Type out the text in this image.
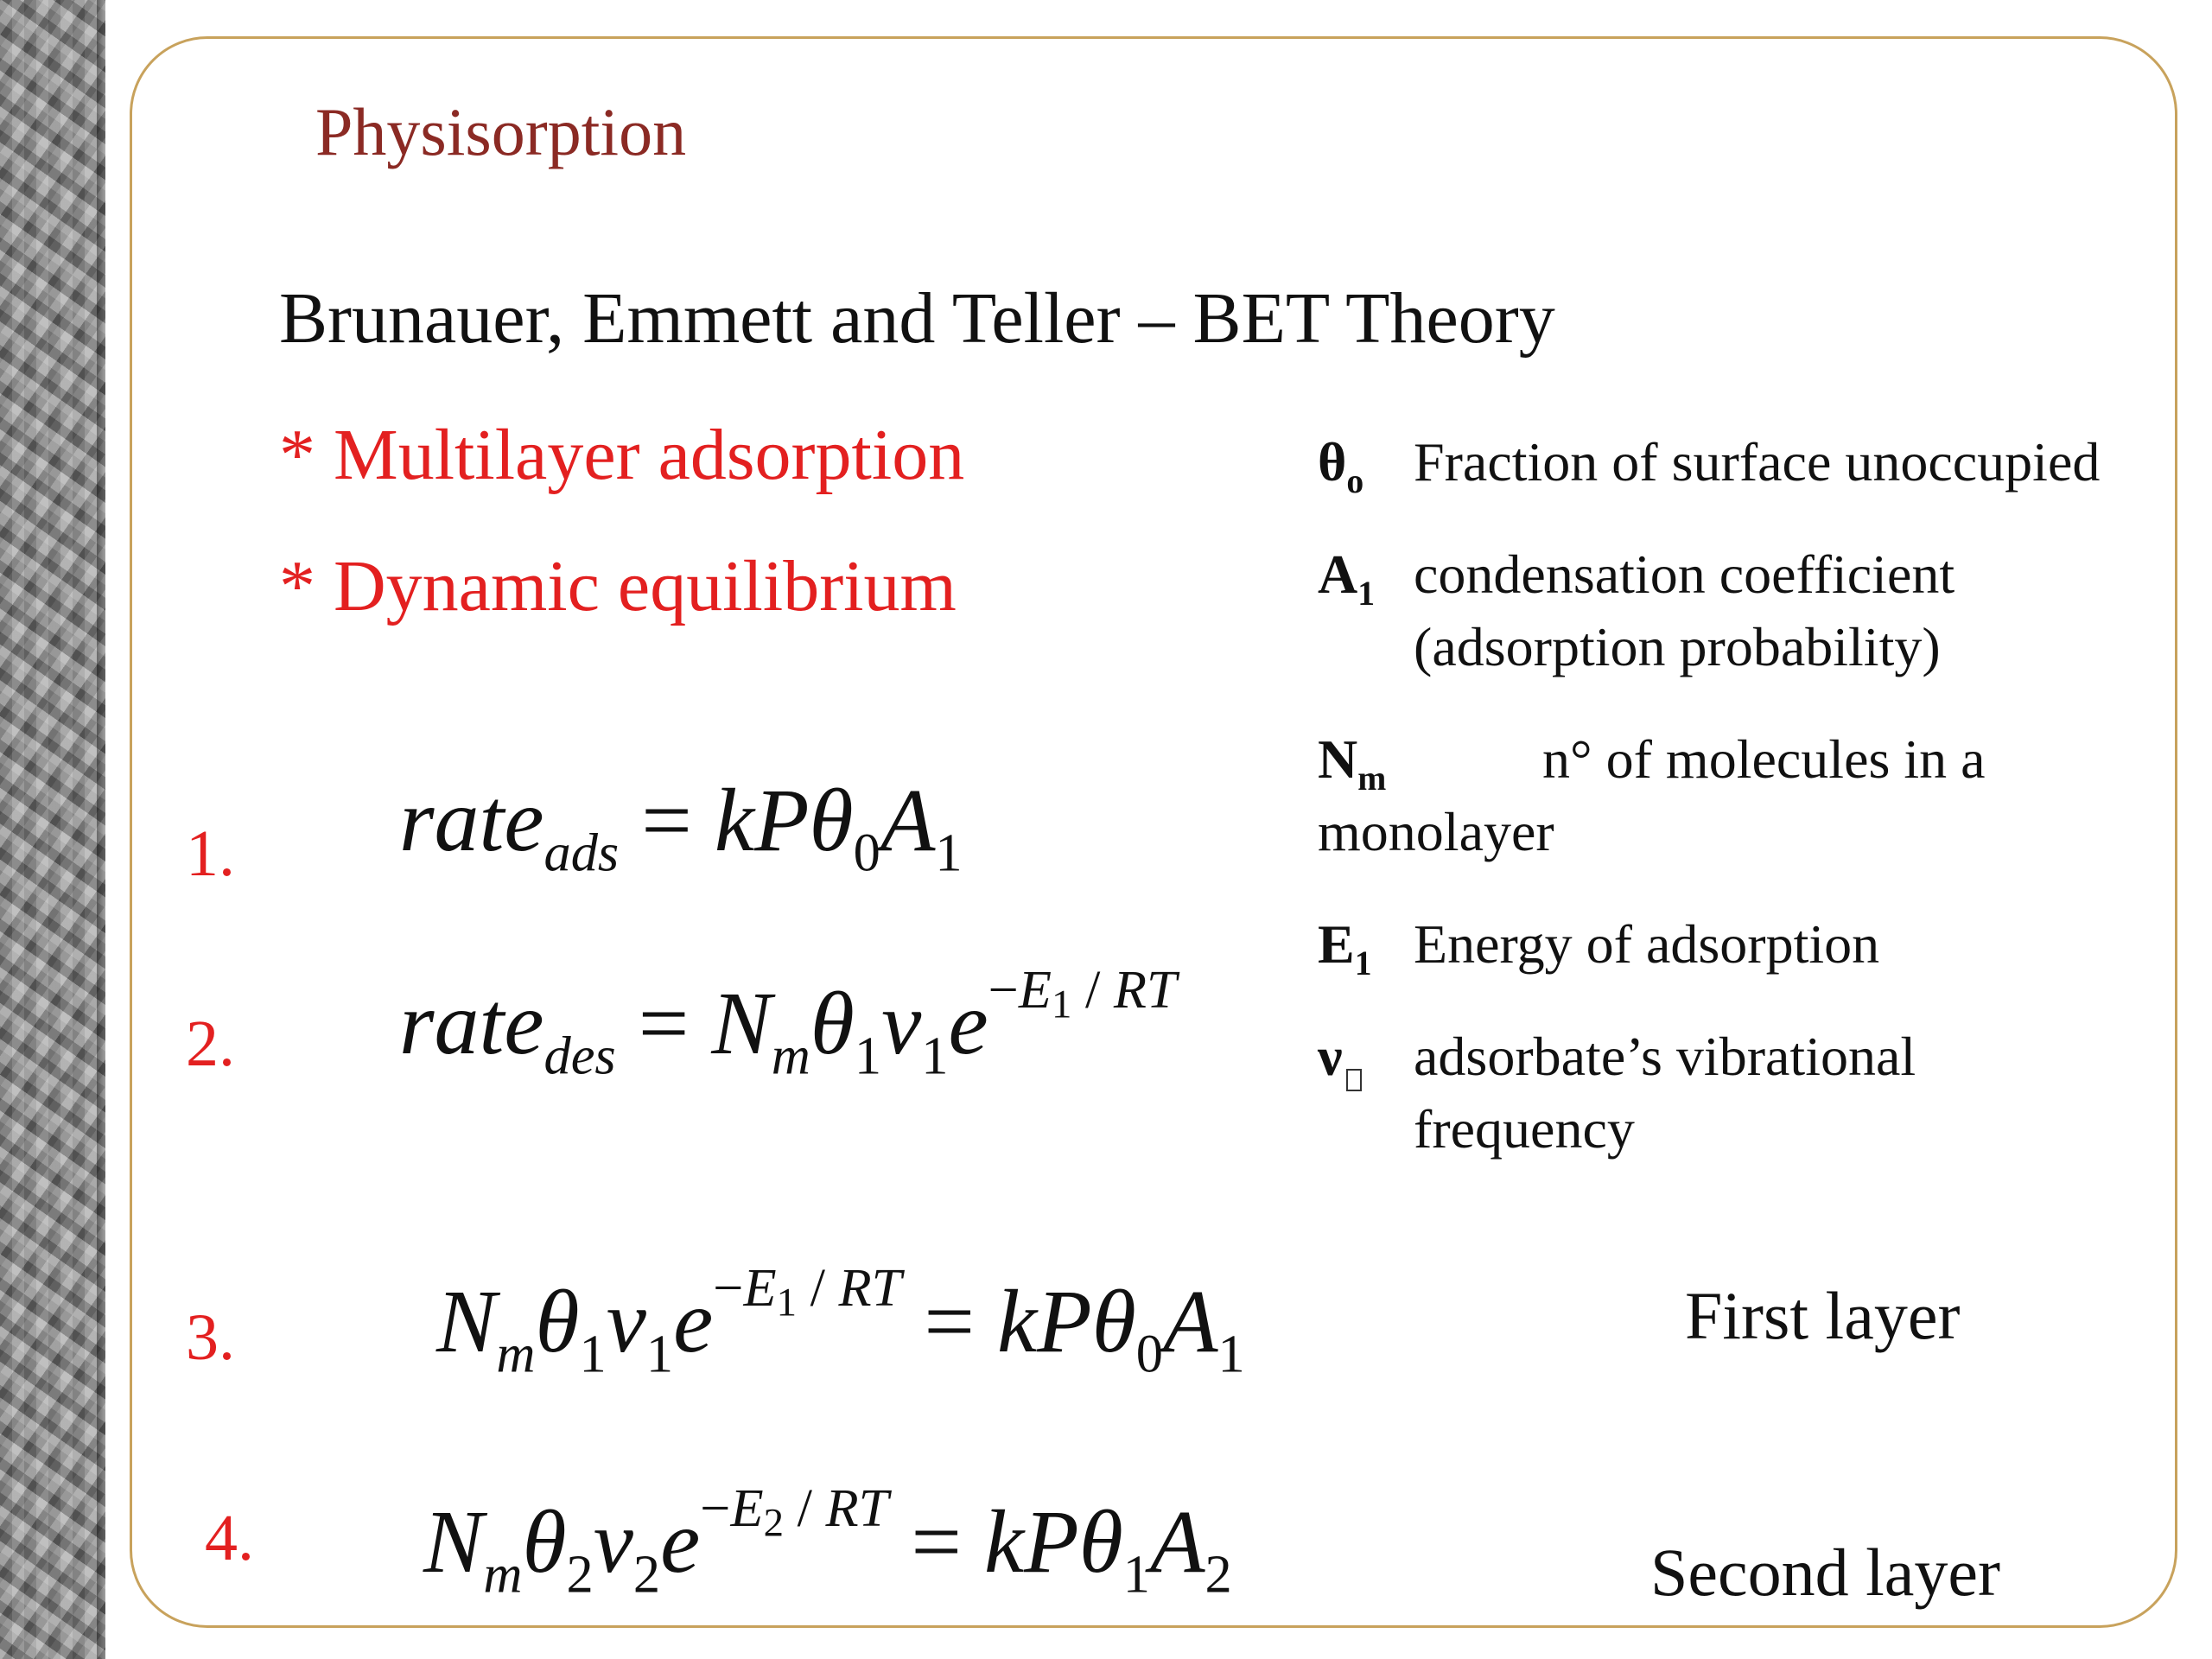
Physisorption
Brunauer, Emmett and Teller – BET Theory
* Multilayer adsorption
* Dynamic equilibrium
1.
2.
3.
4.
rate$_{ads}$ = $kP\theta_0A_1$
rate$_{des}$ = $N_m\theta_1\nu_1e^{-E_1 / RT}$
$N_m\theta_1\nu_1e^{-E_1 / RT} = kP\theta_0A_1$
$N_m\theta_2\nu_2e^{-E_2 / RT} = kP\theta_1A_2$
$\theta_o$ Fraction of surface unoccupied
$A_1$ condensation coefficient
(adsorption probability)
$N_m$	n° of molecules in a
monolayer
$E_1$ Energy of adsorption
ν	adsorbate’s vibrational
frequency
First layer
Second layer
